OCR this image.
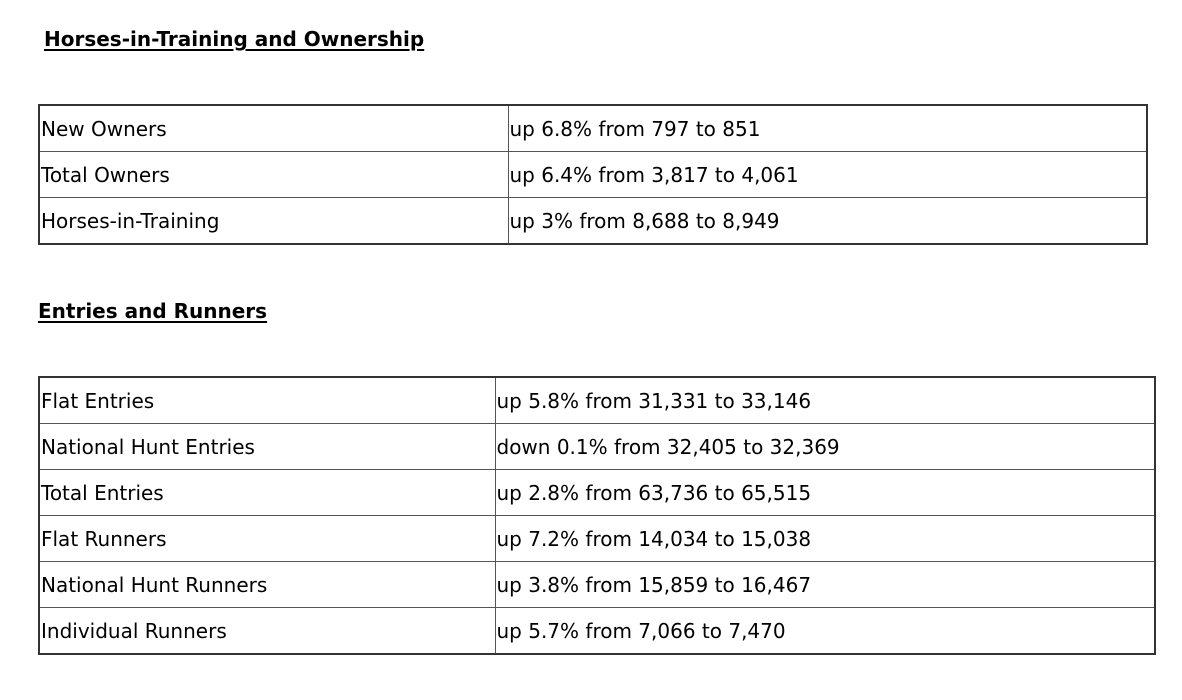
Horses-in-Training and Ownership
New Owners	up 6.8% from 797 to 851
Total Owners	up 6.4% from 3,817 to 4,061
Horses-in-Training	up 3% from 8,688 to 8,949
Entries and Runners
Flat Entries	up 5.8% from 31,331 to 33,146
National Hunt Entries	down 0.1% from 32,405 to 32,369
Total Entries	up 2.8% from 63,736 to 65,515
Flat Runners	up 7.2% from 14,034 to 15,038
National Hunt Runners	up 3.8% from 15,859 to 16,467
Individual Runners	up 5.7% from 7,066 to 7,470
